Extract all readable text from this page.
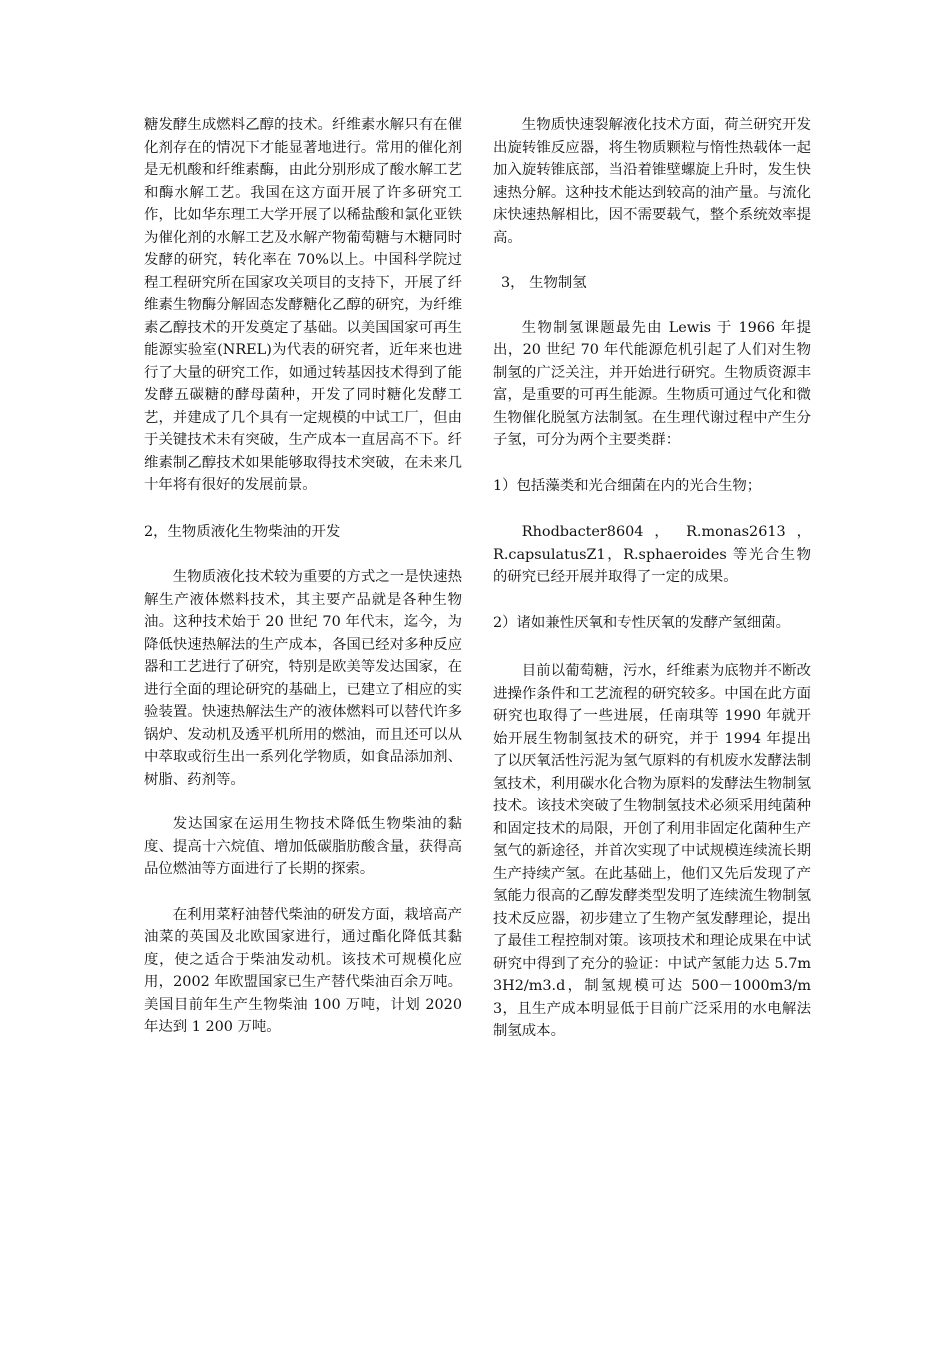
糖发酵生成燃料乙醇的技术。纤维素水解只有在催化剂存在的情况下才能显著地进行。常用的催化剂是无机酸和纤维素酶，由此分别形成了酸水解工艺和酶水解工艺。我国在这方面开展了许多研究工作，比如华东理工大学开展了以稀盐酸和氯化亚铁为催化剂的水解工艺及水解产物葡萄糖与木糖同时发酵的研究，转化率在 70%以上。中国科学院过程工程研究所在国家攻关项目的支持下，开展了纤维素生物酶分解固态发酵糖化乙醇的研究，为纤维素乙醇技术的开发奠定了基础。以美国国家可再生能源实验室(NREL)为代表的研究者，近年来也进行了大量的研究工作，如通过转基因技术得到了能发酵五碳糖的酵母菌种，开发了同时糖化发酵工艺，并建成了几个具有一定规模的中试工厂，但由于关键技术未有突破，生产成本一直居高不下。纤维素制乙醇技术如果能够取得技术突破，在未来几十年将有很好的发展前景。

2，生物质液化生物柴油的开发

生物质液化技术较为重要的方式之一是快速热解生产液体燃料技术，其主要产品就是各种生物油。这种技术始于 20 世纪 70 年代末，迄今，为降低快速热解法的生产成本，各国已经对多种反应器和工艺进行了研究，特别是欧美等发达国家，在进行全面的理论研究的基础上，已建立了相应的实验装置。快速热解法生产的液体燃料可以替代许多锅炉、发动机及透平机所用的燃油，而且还可以从中萃取或衍生出一系列化学物质，如食品添加剂、树脂、药剂等。

发达国家在运用生物技术降低生物柴油的黏度、提高十六烷值、增加低碳脂肪酸含量，获得高品位燃油等方面进行了长期的探索。

在利用菜籽油替代柴油的研发方面，栽培高产油菜的英国及北欧国家进行，通过酯化降低其黏度，使之适合于柴油发动机。该技术可规模化应用，2002 年欧盟国家已生产替代柴油百余万吨。美国目前年生产生物柴油 100 万吨，计划 2020 年达到 1 200 万吨。

生物质快速裂解液化技术方面，荷兰研究开发出旋转锥反应器，将生物质颗粒与惰性热载体一起加入旋转锥底部，当沿着锥壁螺旋上升时，发生快速热分解。这种技术能达到较高的油产量。与流化床快速热解相比，因不需要载气，整个系统效率提高。

3， 生物制氢

生物制氢课题最先由 Lewis 于 1966 年提出，20 世纪 70 年代能源危机引起了人们对生物制氢的广泛关注，并开始进行研究。生物质资源丰富，是重要的可再生能源。生物质可通过气化和微生物催化脱氢方法制氢。在生理代谢过程中产生分子氢，可分为两个主要类群：

1）包括藻类和光合细菌在内的光合生物；

Rhodbacter8604 ， R.monas2613 ，

R.capsulatusZ1，R.sphaeroides 等光合生物的研究已经开展并取得了一定的成果。

2）诸如兼性厌氧和专性厌氧的发酵产氢细菌。

目前以葡萄糖，污水，纤维素为底物并不断改进操作条件和工艺流程的研究较多。中国在此方面研究也取得了一些进展，任南琪等 1990 年就开始开展生物制氢技术的研究，并于 1994 年提出了以厌氧活性污泥为氢气原料的有机废水发酵法制氢技术，利用碳水化合物为原料的发酵法生物制氢技术。该技术突破了生物制氢技术必须采用纯菌种和固定技术的局限，开创了利用非固定化菌种生产氢气的新途径，并首次实现了中试规模连续流长期生产持续产氢。在此基础上，他们又先后发现了产氢能力很高的乙醇发酵类型发明了连续流生物制氢技术反应器，初步建立了生物产氢发酵理论，提出了最佳工程控制对策。该项技术和理论成果在中试研究中得到了充分的验证：中试产氢能力达 5.7m3H2/m3.d，制氢规模可达 500－1000m3/m3，且生产成本明显低于目前广泛采用的水电解法制氢成本。
